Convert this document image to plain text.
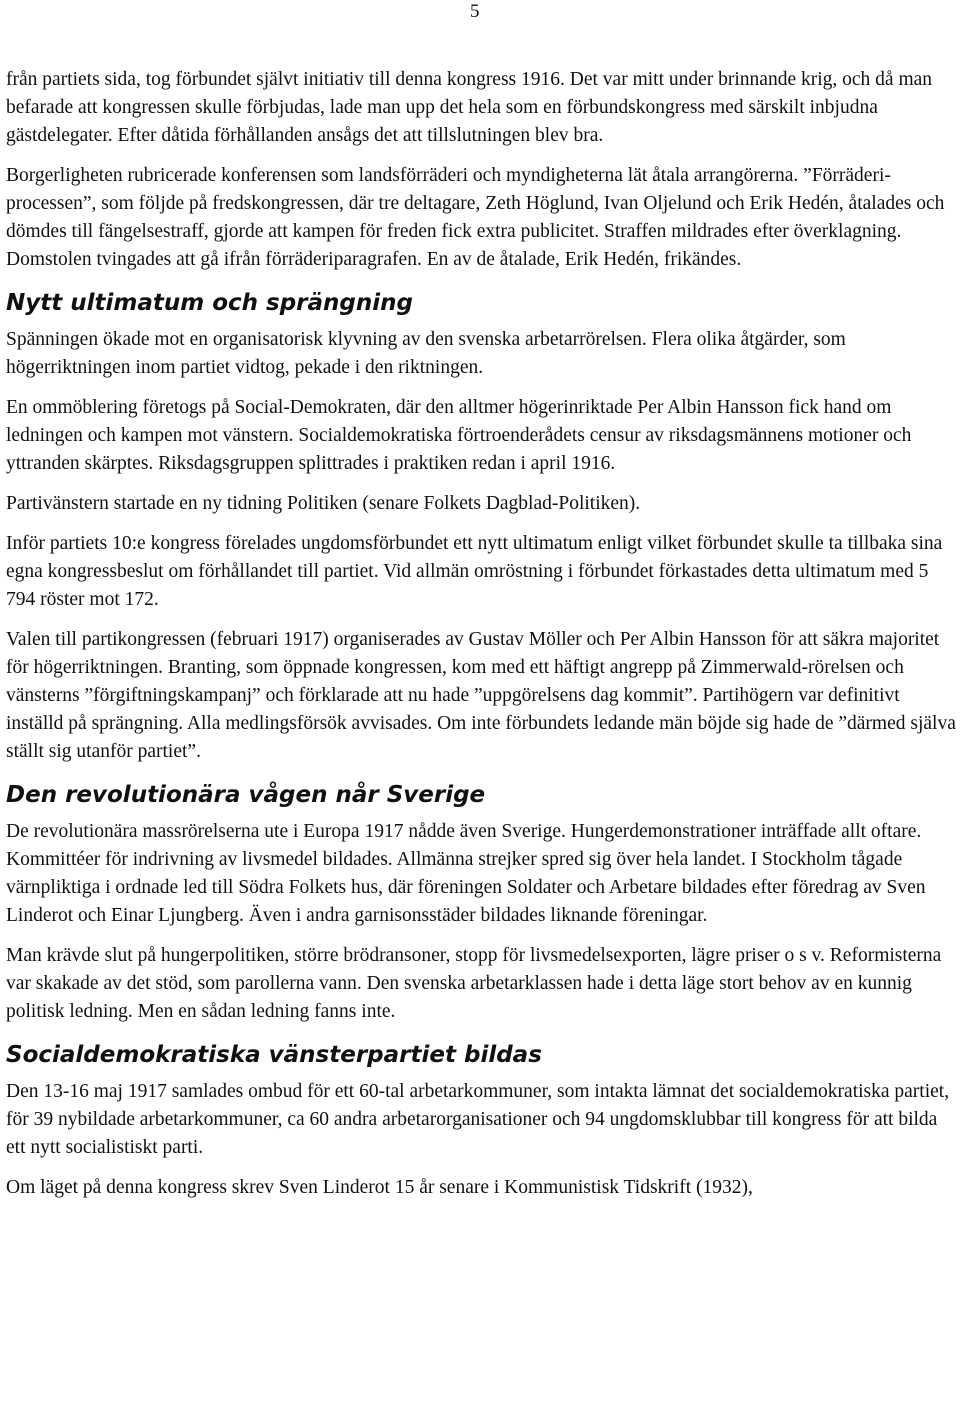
5

från partiets sida, tog förbundet självt initiativ till denna kongress 1916. Det var mitt under brinnande krig, och då man befarade att kongressen skulle förbjudas, lade man upp det hela som en förbundskongress med särskilt inbjudna gästdelegater. Efter dåtida förhållanden ansågs det att tillslutningen blev bra.

Borgerligheten rubricerade konferensen som landsförräderi och myndigheterna lät åtala arrangörerna. ”Förräderi-processen”, som följde på fredskongressen, där tre deltagare, Zeth Höglund, Ivan Oljelund och Erik Hedén, åtalades och dömdes till fängelsestraff, gjorde att kampen för freden fick extra publicitet. Straffen mildrades efter överklagning. Domstolen tvingades att gå ifrån förräderiparagrafen. En av de åtalade, Erik Hedén, frikändes.

Nytt ultimatum och sprängning

Spänningen ökade mot en organisatorisk klyvning av den svenska arbetarrörelsen. Flera olika åtgärder, som högerriktningen inom partiet vidtog, pekade i den riktningen.

En ommöblering företogs på Social-Demokraten, där den alltmer högerinriktade Per Albin Hansson fick hand om ledningen och kampen mot vänstern. Socialdemokratiska förtroenderådets censur av riksdagsmännens motioner och yttranden skärptes. Riksdagsgruppen splittrades i praktiken redan i april 1916.

Partivänstern startade en ny tidning Politiken (senare Folkets Dagblad-Politiken).

Inför partiets 10:e kongress förelades ungdomsförbundet ett nytt ultimatum enligt vilket förbundet skulle ta tillbaka sina egna kongressbeslut om förhållandet till partiet. Vid allmän omröstning i förbundet förkastades detta ultimatum med 5 794 röster mot 172.

Valen till partikongressen (februari 1917) organiserades av Gustav Möller och Per Albin Hansson för att säkra majoritet för högerriktningen. Branting, som öppnade kongressen, kom med ett häftigt angrepp på Zimmerwald-rörelsen och vänsterns ”förgiftningskampanj” och förklarade att nu hade ”uppgörelsens dag kommit”. Partihögern var definitivt inställd på sprängning. Alla medlingsförsök avvisades. Om inte förbundets ledande män böjde sig hade de ”därmed själva ställt sig utanför partiet”.

Den revolutionära vågen når Sverige

De revolutionära massrörelserna ute i Europa 1917 nådde även Sverige. Hungerdemonstrationer inträffade allt oftare. Kommittéer för indrivning av livsmedel bildades. Allmänna strejker spred sig över hela landet. I Stockholm tågade värnpliktiga i ordnade led till Södra Folkets hus, där föreningen Soldater och Arbetare bildades efter föredrag av Sven Linderot och Einar Ljungberg. Även i andra garnisonsstäder bildades liknande föreningar.

Man krävde slut på hungerpolitiken, större brödransoner, stopp för livsmedelsexporten, lägre priser o s v. Reformisterna var skakade av det stöd, som parollerna vann. Den svenska arbetarklassen hade i detta läge stort behov av en kunnig politisk ledning. Men en sådan ledning fanns inte.

Socialdemokratiska vänsterpartiet bildas

Den 13-16 maj 1917 samlades ombud för ett 60-tal arbetarkommuner, som intakta lämnat det socialdemokratiska partiet, för 39 nybildade arbetarkommuner, ca 60 andra arbetarorganisationer och 94 ungdomsklubbar till kongress för att bilda ett nytt socialistiskt parti.

Om läget på denna kongress skrev Sven Linderot 15 år senare i Kommunistisk Tidskrift (1932),
